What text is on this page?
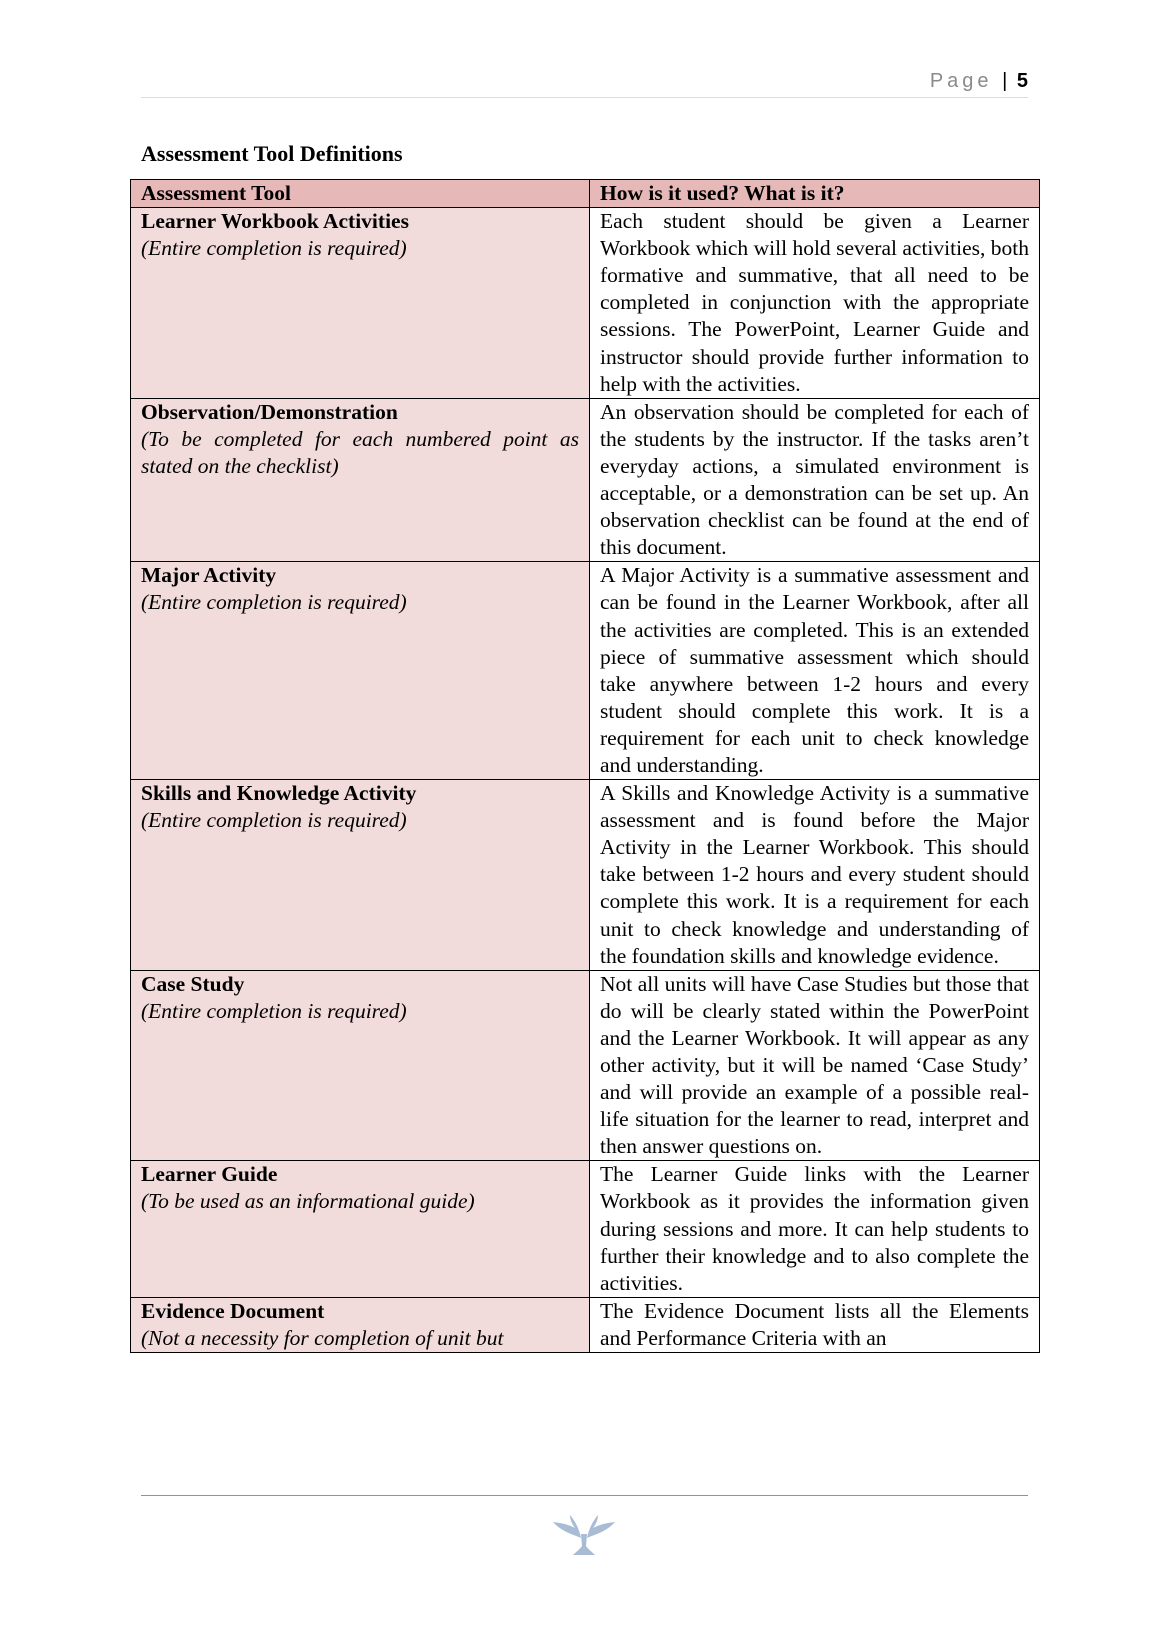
Page | 5
Assessment Tool Definitions
Assessment Tool	How is it used? What is it?

Learner Workbook Activities
(Entire completion is required)	Each student should be given a Learner Workbook which will hold several activities, both formative and summative, that all need to be completed in conjunction with the appropriate sessions. The PowerPoint, Learner Guide and instructor should provide further information to help with the activities.

Observation/Demonstration
(To be completed for each numbered point as stated on the checklist)	An observation should be completed for each of the students by the instructor. If the tasks aren’t everyday actions, a simulated environment is acceptable, or a demonstration can be set up. An observation checklist can be found at the end of this document.

Major Activity
(Entire completion is required)	A Major Activity is a summative assessment and can be found in the Learner Workbook, after all the activities are completed. This is an extended piece of summative assessment which should take anywhere between 1-2 hours and every student should complete this work. It is a requirement for each unit to check knowledge and understanding.

Skills and Knowledge Activity
(Entire completion is required)	A Skills and Knowledge Activity is a summative assessment and is found before the Major Activity in the Learner Workbook. This should take between 1-2 hours and every student should complete this work. It is a requirement for each unit to check knowledge and understanding of the foundation skills and knowledge evidence.

Case Study
(Entire completion is required)	Not all units will have Case Studies but those that do will be clearly stated within the PowerPoint and the Learner Workbook. It will appear as any other activity, but it will be named ‘Case Study’ and will provide an example of a possible real-life situation for the learner to read, interpret and then answer questions on.

Learner Guide
(To be used as an informational guide)	The Learner Guide links with the Learner Workbook as it provides the information given during sessions and more. It can help students to further their knowledge and to also complete the activities.

Evidence Document
(Not a necessity for completion of unit but	The Evidence Document lists all the Elements and Performance Criteria with an
